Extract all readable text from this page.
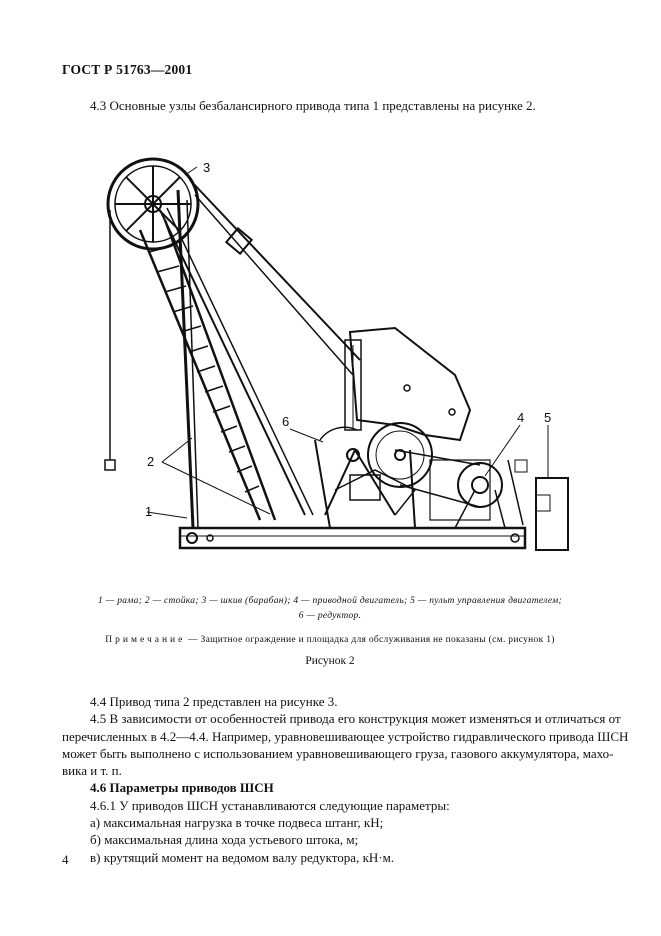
ГОСТ Р 51763—2001
4.3 Основные узлы безбалансирного привода типа 1 представлены на рисунке 2.
3
2
1
6	4 5
1 — рама; 2 — стойка; 3 — шкив (барабан); 4 — приводной двигатель; 5 — пульт управления двигателем;
6 — редуктор.
Примечание — Защитное ограждение и площадка для обслуживания не показаны (см. рисунок 1)
Рисунок 2
4.4 Привод типа 2 представлен на рисунке 3.
4.5 В зависимости от особенностей привода его конструкция может изменяться и отличаться от
перечисленных в 4.2—4.4. Например, уравновешивающее устройство гидравлического привода ШСН
может быть выполнено с использованием уравновешивающего груза, газового аккумулятора, махо-
вика и т. п.
4.6 Параметры приводов ШСН
4.6.1 У приводов ШСН устанавливаются следующие параметры:
а) максимальная нагрузка в точке подвеса штанг, кН;
б) максимальная длина хода устьевого штока, м;
в) крутящий момент на ведомом валу редуктора, кН·м.
4
